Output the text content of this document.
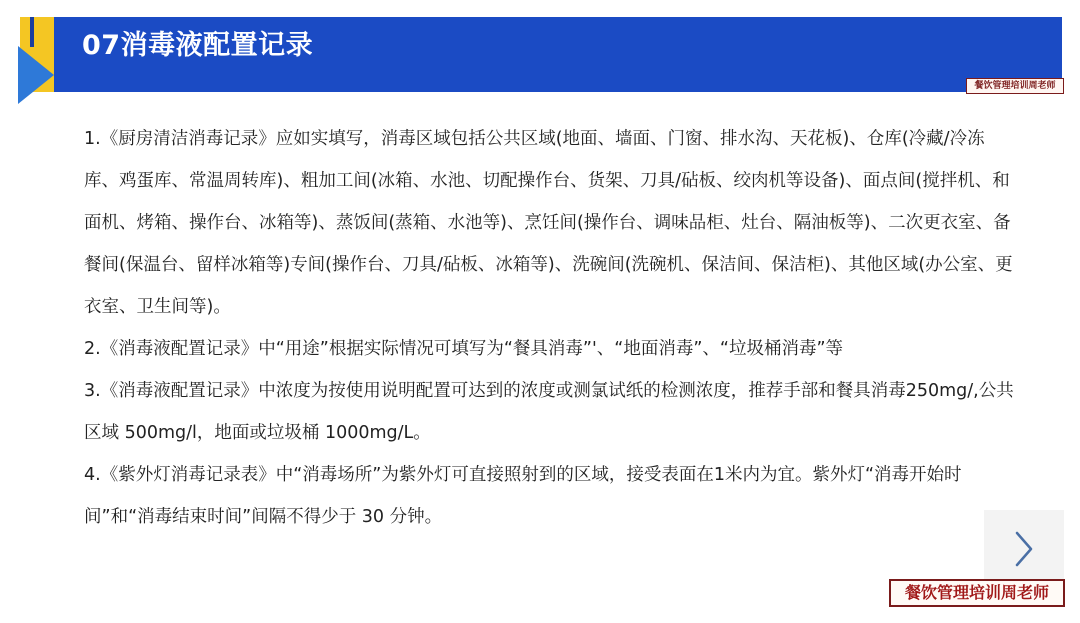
07消毒液配置记录
餐饮管理培训周老师

1.《厨房清洁消毒记录》应如实填写，消毒区域包括公共区域(地面、墙面、门窗、排水沟、天花板)、仓库(冷藏/冷冻库、鸡蛋库、常温周转库)、粗加工间(冰箱、水池、切配操作台、货架、刀具/砧板、绞肉机等设备)、面点间(搅拌机、和面机、烤箱、操作台、冰箱等)、蒸饭间(蒸箱、水池等)、烹饪间(操作台、调味品柜、灶台、隔油板等)、二次更衣室、备餐间(保温台、留样冰箱等)专间(操作台、刀具/砧板、冰箱等)、洗碗间(洗碗机、保洁间、保洁柜)、其他区域(办公室、更衣室、卫生间等)。

2.《消毒液配置记录》中“用途”根据实际情况可填写为“餐具消毒”'、“地面消毒”、“垃圾桶消毒”等

3.《消毒液配置记录》中浓度为按使用说明配置可达到的浓度或测氯试纸的检测浓度，推荐手部和餐具消毒250mg/,公共区域 500mg/l，地面或垃圾桶 1000mg/L。

4.《紫外灯消毒记录表》中“消毒场所”为紫外灯可直接照射到的区域，接受表面在1米内为宜。紫外灯“消毒开始时间”和“消毒结束时间”间隔不得少于 30 分钟。

餐饮管理培训周老师
